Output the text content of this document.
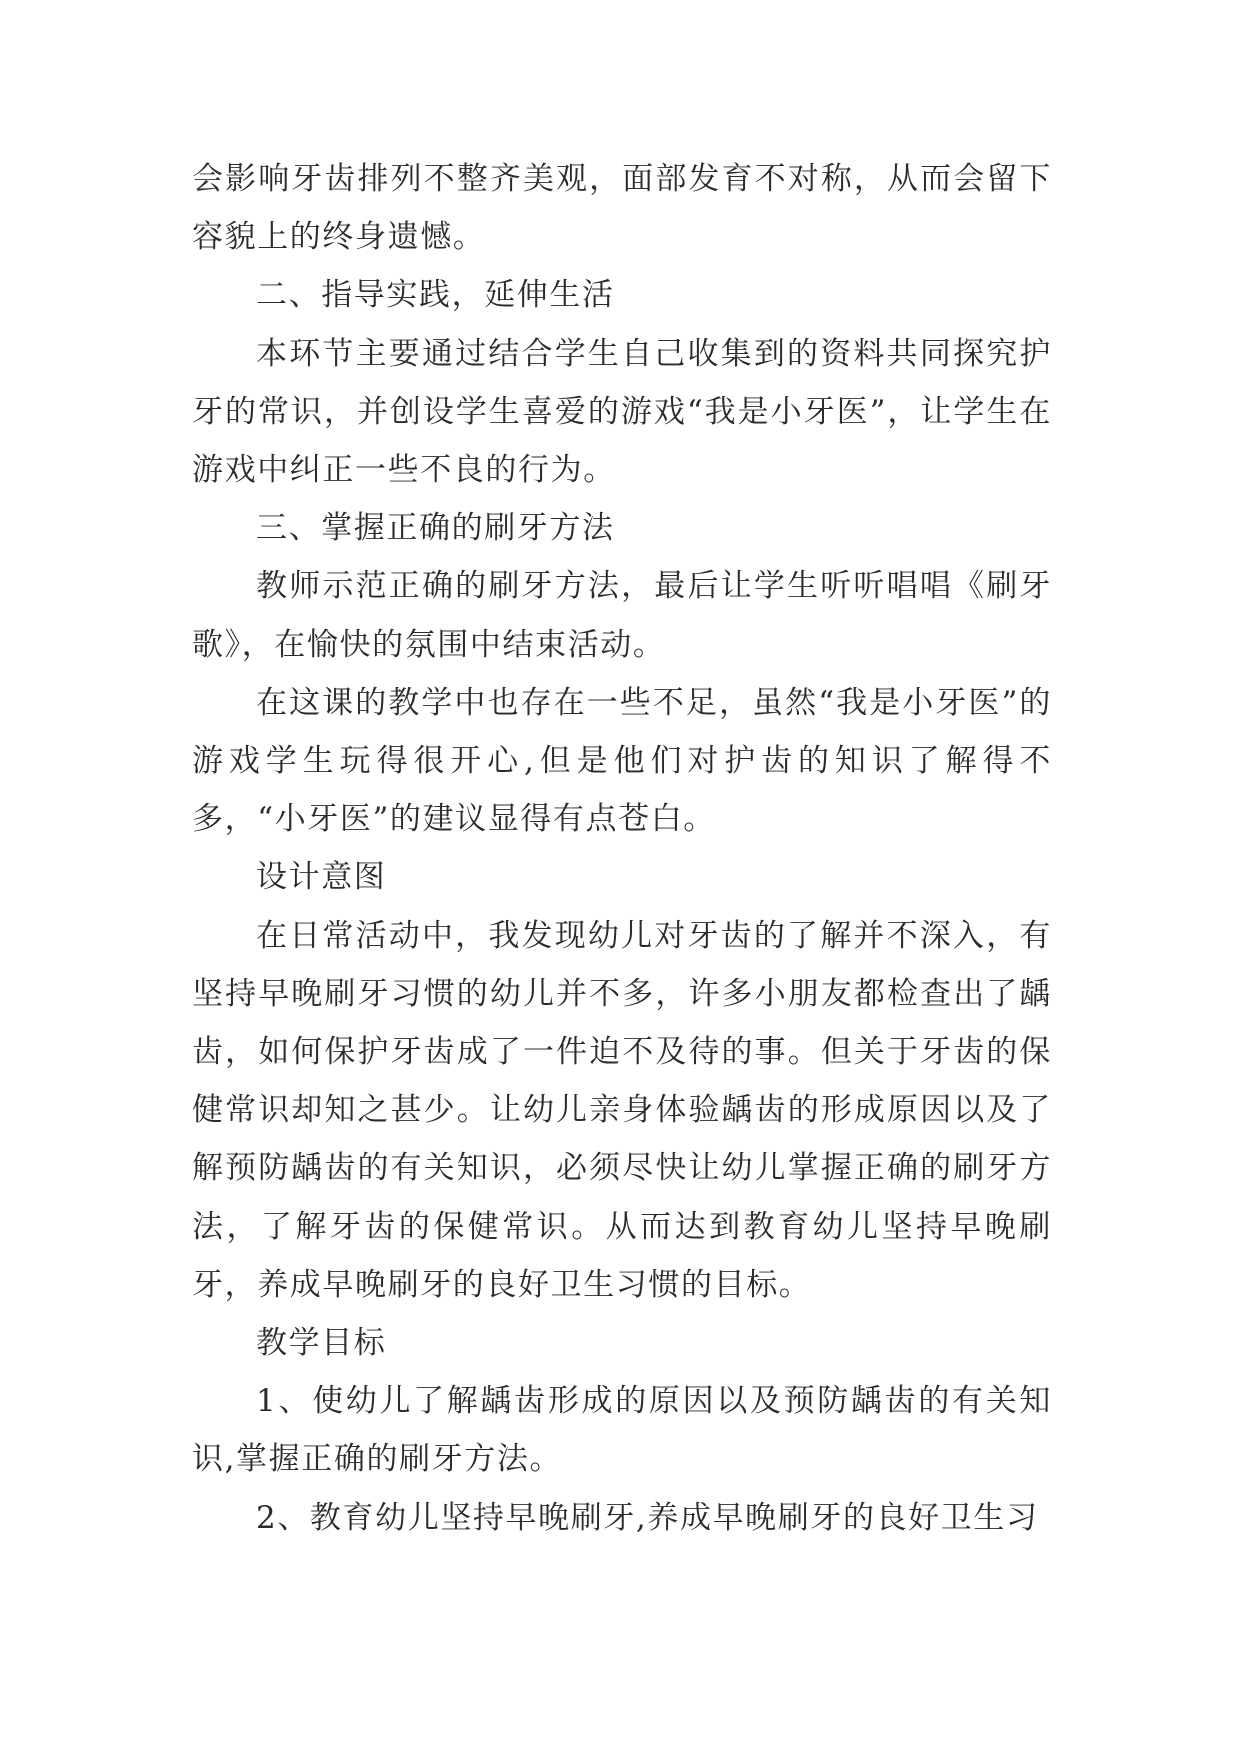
会影响牙齿排列不整齐美观，面部发育不对称，从而会留下容貌上的终身遗憾。

二、指导实践，延伸生活

本环节主要通过结合学生自己收集到的资料共同探究护牙的常识，并创设学生喜爱的游戏“我是小牙医”，让学生在游戏中纠正一些不良的行为。

三、掌握正确的刷牙方法

教师示范正确的刷牙方法，最后让学生听听唱唱《刷牙歌》，在愉快的氛围中结束活动。

在这课的教学中也存在一些不足，虽然“我是小牙医”的游戏学生玩得很开心,但是他们对护齿的知识了解得不多，“小牙医”的建议显得有点苍白。

设计意图

在日常活动中，我发现幼儿对牙齿的了解并不深入，有坚持早晚刷牙习惯的幼儿并不多，许多小朋友都检查出了龋齿，如何保护牙齿成了一件迫不及待的事。但关于牙齿的保健常识却知之甚少。让幼儿亲身体验龋齿的形成原因以及了解预防龋齿的有关知识，必须尽快让幼儿掌握正确的刷牙方法，了解牙齿的保健常识。从而达到教育幼儿坚持早晚刷牙，养成早晚刷牙的良好卫生习惯的目标。

教学目标

1、使幼儿了解龋齿形成的原因以及预防龋齿的有关知识,掌握正确的刷牙方法。

2、教育幼儿坚持早晚刷牙,养成早晚刷牙的良好卫生习
